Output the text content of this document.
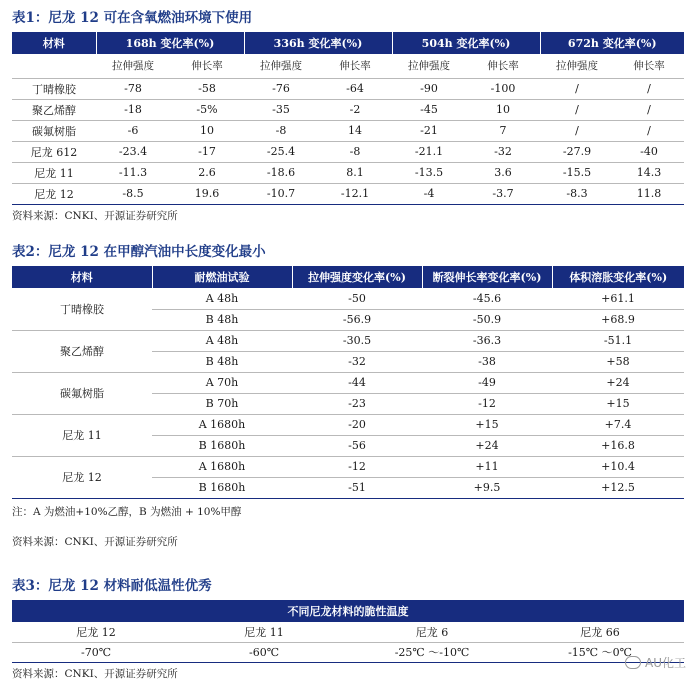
表1：尼龙 12 可在含氧燃油环境下使用
材料	168h 变化率(%)		336h 变化率(%)		504h 变化率(%)		672h 变化率(%)	
	拉伸强度	伸长率	拉伸强度	伸长率	拉伸强度	伸长率	拉伸强度	伸长率
丁晴橡胶	-78	-58	-76	-64	-90	-100	/	/
聚乙烯醇	-18	-5%	-35	-2	-45	10	/	/
碳氟树脂	-6	10	-8	14	-21	7	/	/
尼龙 612	-23.4	-17	-25.4	-8	-21.1	-32	-27.9	-40
尼龙 11	-11.3	2.6	-18.6	8.1	-13.5	3.6	-15.5	14.3
尼龙 12	-8.5	19.6	-10.7	-12.1	-4	-3.7	-8.3	11.8
资料来源：CNKI、开源证券研究所
表2：尼龙 12 在甲醇汽油中长度变化最小
材料	耐燃油试验	拉伸强度变化率(%)	断裂伸长率变化率(%)	体积溶胀变化率(%)
丁晴橡胶	A 48h	-50	-45.6	+61.1
	B 48h	-56.9	-50.9	+68.9
聚乙烯醇	A 48h	-30.5	-36.3	-51.1
	B 48h	-32	-38	+58
碳氟树脂	A 70h	-44	-49	+24
	B 70h	-23	-12	+15
尼龙 11	A 1680h	-20	+15	+7.4
	B 1680h	-56	+24	+16.8
尼龙 12	A 1680h	-12	+11	+10.4
	B 1680h	-51	+9.5	+12.5
注：A 为燃油+10%乙醇，B 为燃油 + 10%甲醇
资料来源：CNKI、开源证券研究所
表3：尼龙 12 材料耐低温性优秀
不同尼龙材料的脆性温度			
尼龙 12	尼龙 11	尼龙 6	尼龙 66
-70℃	-60℃	-25℃ ～-10℃	-15℃ ～0℃
资料来源：CNKI、开源证券研究所
AU化工
